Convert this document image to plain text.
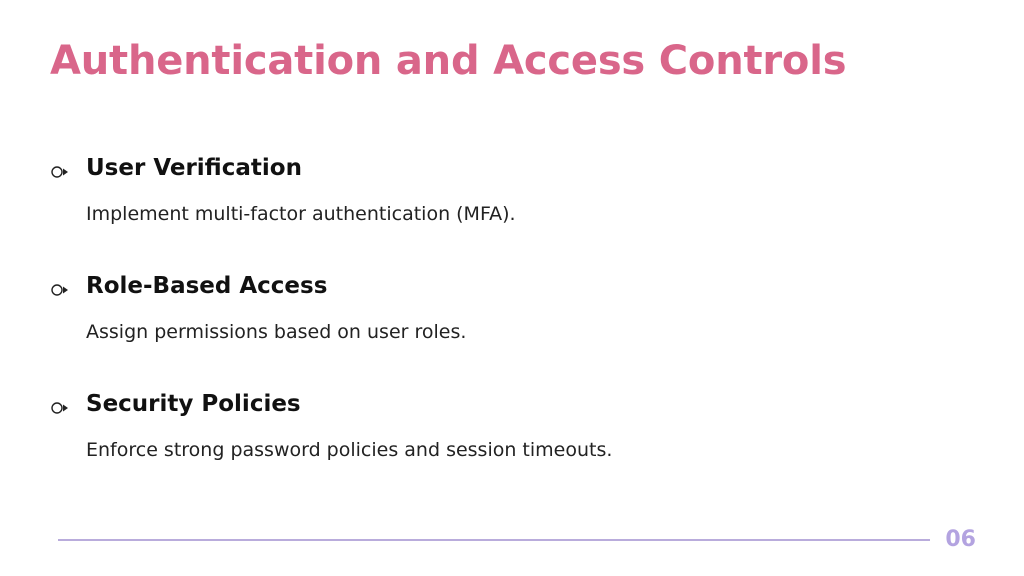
Authentication and Access Controls
User Verification
Implement multi-factor authentication (MFA).
Role-Based Access
Assign permissions based on user roles.
Security Policies
Enforce strong password policies and session timeouts.
06
